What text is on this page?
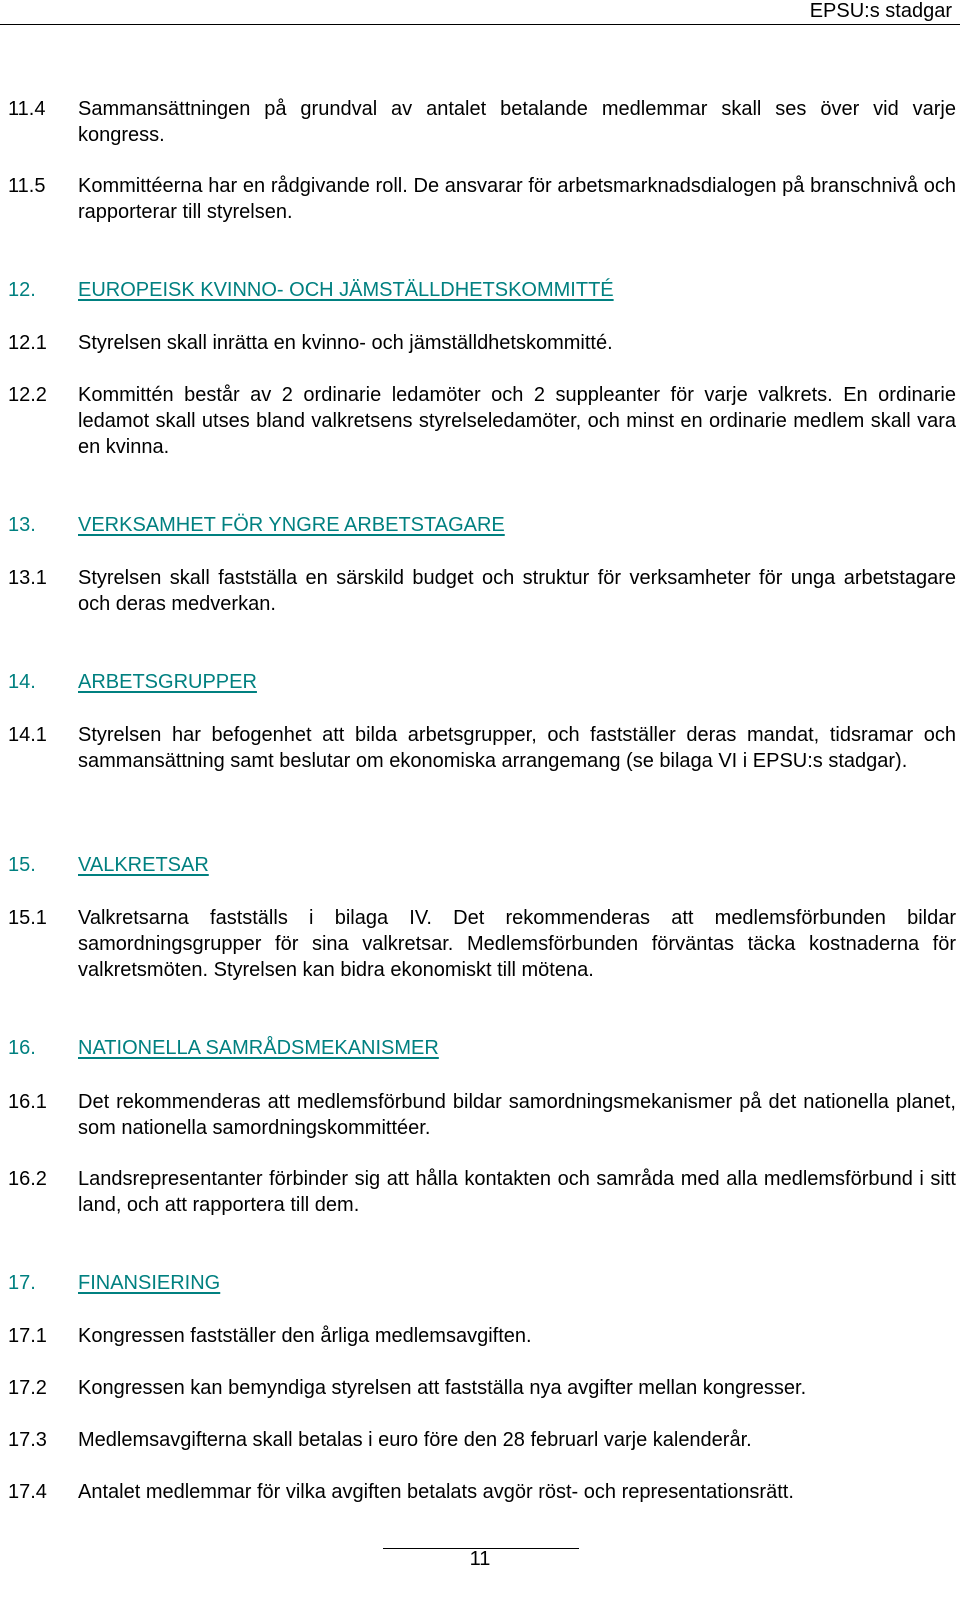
EPSU:s stadgar
11.4	Sammansättningen på grundval av antalet betalande medlemmar skall ses över vid varje kongress.
11.5	Kommittéerna har en rådgivande roll. De ansvarar för arbetsmarknadsdialogen på branschnivå och rapporterar till styrelsen.
12.	EUROPEISK KVINNO- OCH JÄMSTÄLLDHETSKOMMITTÉ
12.1	Styrelsen skall inrätta en kvinno- och jämställdhetskommitté.
12.2	Kommittén består av 2 ordinarie ledamöter och 2 suppleanter för varje valkrets. En ordinarie ledamot skall utses bland valkretsens styrelseledamöter, och minst en ordinarie medlem skall vara en kvinna.
13.	VERKSAMHET FÖR YNGRE ARBETSTAGARE
13.1	Styrelsen skall fastställa en särskild budget och struktur för verksamheter för unga arbetstagare och deras medverkan.
14.	ARBETSGRUPPER
14.1	Styrelsen har befogenhet att bilda arbetsgrupper, och fastställer deras mandat, tidsramar och sammansättning samt beslutar om ekonomiska arrangemang (se bilaga VI i EPSU:s stadgar).
15.	VALKRETSAR
15.1	Valkretsarna fastställs i bilaga IV. Det rekommenderas att medlemsförbunden bildar samordningsgrupper för sina valkretsar. Medlemsförbunden förväntas täcka kostnaderna för valkretsmöten. Styrelsen kan bidra ekonomiskt till mötena.
16.	NATIONELLA SAMRÅDSMEKANISMER
16.1	Det rekommenderas att medlemsförbund bildar samordningsmekanismer på det nationella planet, som nationella samordningskommittéer.
16.2	Landsrepresentanter förbinder sig att hålla kontakten och samråda med alla medlemsförbund i sitt land, och att rapportera till dem.
17.	FINANSIERING
17.1	Kongressen fastställer den årliga medlemsavgiften.
17.2	Kongressen kan bemyndiga styrelsen att fastställa nya avgifter mellan kongresser.
17.3	Medlemsavgifterna skall betalas i euro före den 28 februarl varje kalenderår.
17.4	Antalet medlemmar för vilka avgiften betalats avgör röst- och representationsrätt.
11
